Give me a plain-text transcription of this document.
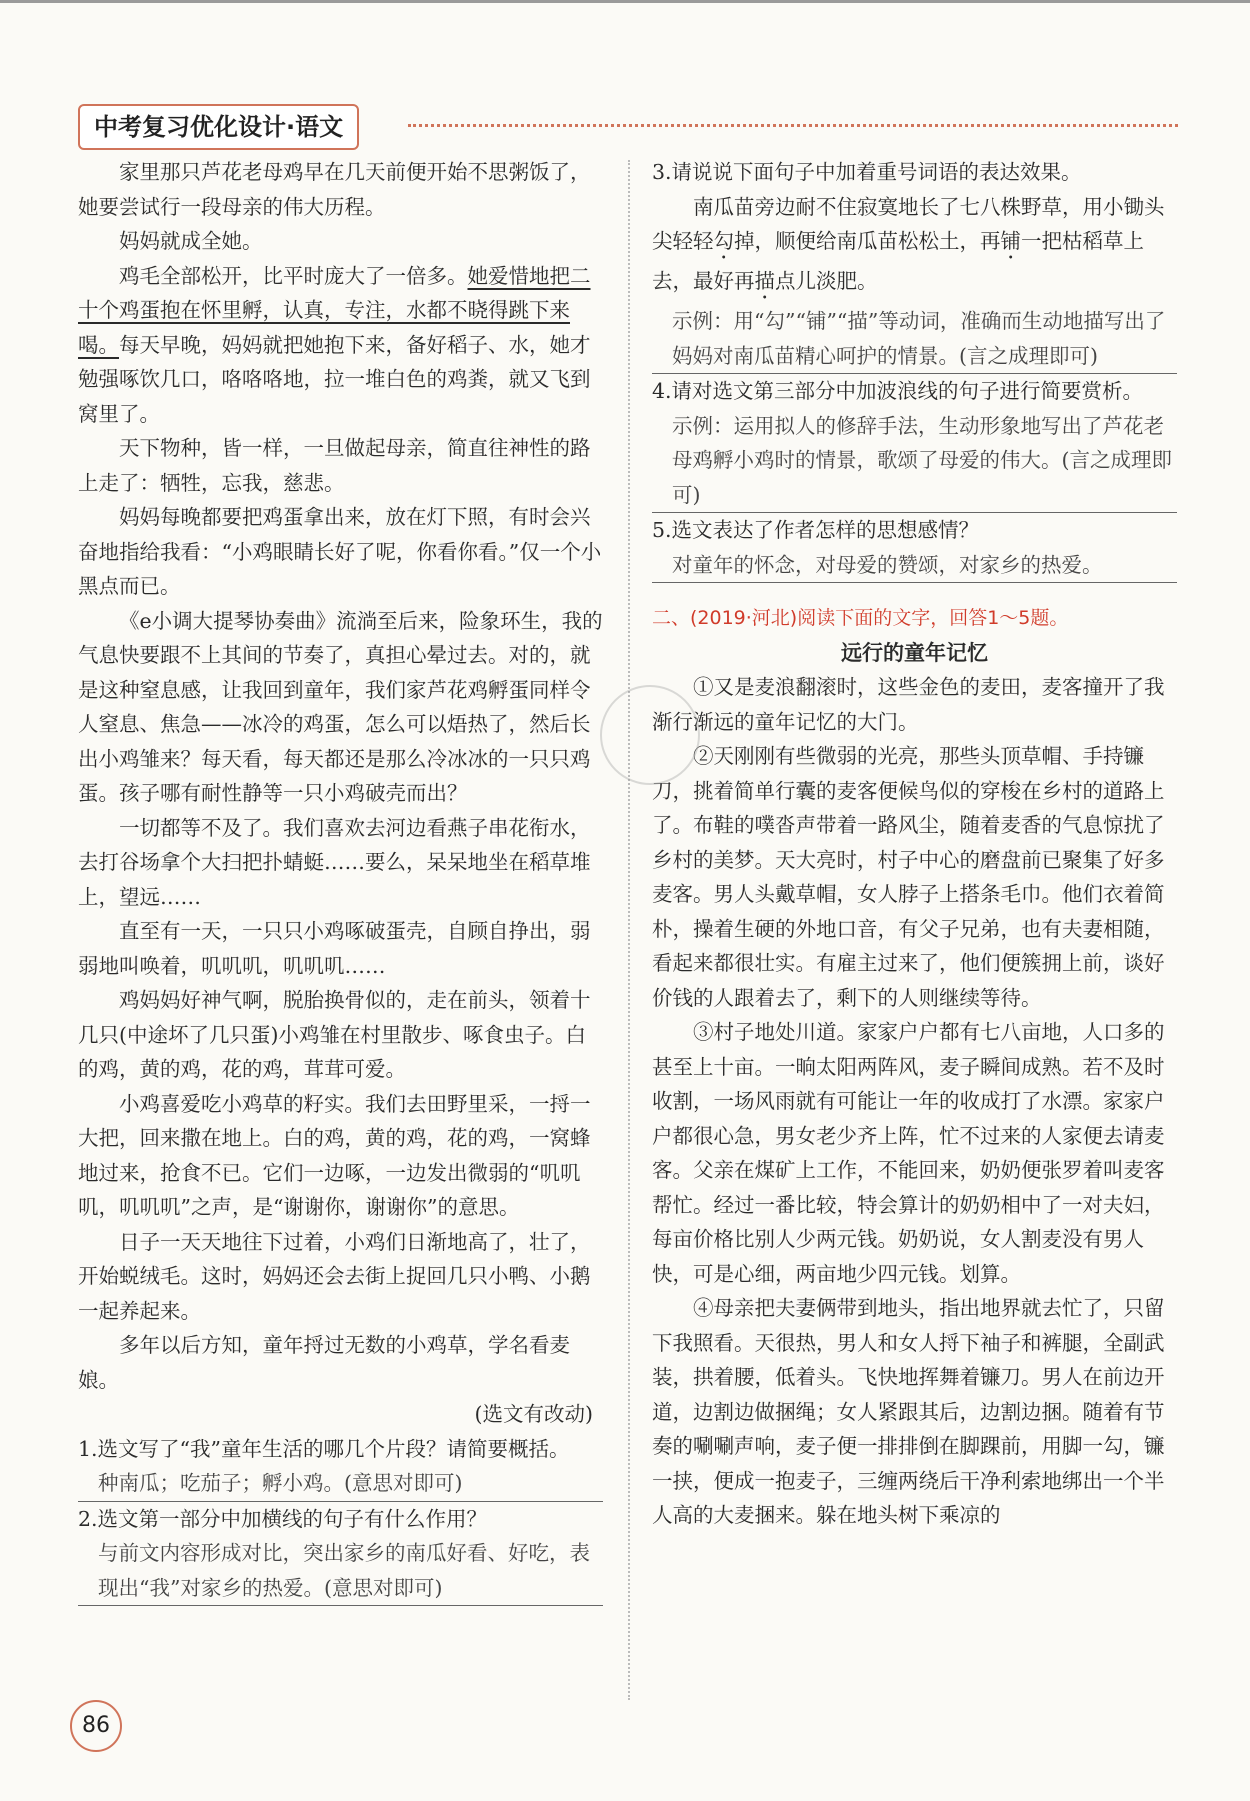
中考复习优化设计·语文

家里那只芦花老母鸡早在几天前便开始不思粥饭了，她要尝试行一段母亲的伟大历程。

妈妈就成全她。

鸡毛全部松开，比平时庞大了一倍多。她爱惜地把二十个鸡蛋抱在怀里孵，认真，专注，水都不晓得跳下来喝。每天早晚，妈妈就把她抱下来，备好稻子、水，她才勉强啄饮几口，咯咯咯地，拉一堆白色的鸡粪，就又飞到窝里了。

天下物种，皆一样，一旦做起母亲，简直往神性的路上走了：牺牲，忘我，慈悲。

妈妈每晚都要把鸡蛋拿出来，放在灯下照，有时会兴奋地指给我看：“小鸡眼睛长好了呢，你看你看。”仅一个小黑点而已。

《e小调大提琴协奏曲》流淌至后来，险象环生，我的气息快要跟不上其间的节奏了，真担心晕过去。对的，就是这种窒息感，让我回到童年，我们家芦花鸡孵蛋同样令人窒息、焦急——冰冷的鸡蛋，怎么可以焐热了，然后长出小鸡雏来？每天看，每天都还是那么冷冰冰的一只只鸡蛋。孩子哪有耐性静等一只小鸡破壳而出？

一切都等不及了。我们喜欢去河边看燕子串花衔水，去打谷场拿个大扫把扑蜻蜓……要么，呆呆地坐在稻草堆上，望远……

直至有一天，一只只小鸡啄破蛋壳，自顾自挣出，弱弱地叫唤着，叽叽叽，叽叽叽……

鸡妈妈好神气啊，脱胎换骨似的，走在前头，领着十几只(中途坏了几只蛋)小鸡雏在村里散步、啄食虫子。白的鸡，黄的鸡，花的鸡，茸茸可爱。

小鸡喜爱吃小鸡草的籽实。我们去田野里采，一捋一大把，回来撒在地上。白的鸡，黄的鸡，花的鸡，一窝蜂地过来，抢食不已。它们一边啄，一边发出微弱的“叽叽叽，叽叽叽”之声，是“谢谢你，谢谢你”的意思。

日子一天天地往下过着，小鸡们日渐地高了，壮了，开始蜕绒毛。这时，妈妈还会去街上捉回几只小鸭、小鹅一起养起来。

多年以后方知，童年捋过无数的小鸡草，学名看麦娘。

(选文有改动)

1.选文写了“我”童年生活的哪几个片段？请简要概括。

种南瓜；吃茄子；孵小鸡。(意思对即可)

2.选文第一部分中加横线的句子有什么作用？

与前文内容形成对比，突出家乡的南瓜好看、好吃，表现出“我”对家乡的热爱。(意思对即可)

3.请说说下面句子中加着重号词语的表达效果。

南瓜苗旁边耐不住寂寞地长了七八株野草，用小锄头尖轻轻勾掉，顺便给南瓜苗松松土，再铺一把枯稻草上去，最好再描点儿淡肥。

示例：用“勾”“铺”“描”等动词，准确而生动地描写出了妈妈对南瓜苗精心呵护的情景。(言之成理即可)

4.请对选文第三部分中加波浪线的句子进行简要赏析。

示例：运用拟人的修辞手法，生动形象地写出了芦花老母鸡孵小鸡时的情景，歌颂了母爱的伟大。(言之成理即可)

5.选文表达了作者怎样的思想感情？

对童年的怀念，对母爱的赞颂，对家乡的热爱。

二、(2019·河北)阅读下面的文字，回答1～5题。

远行的童年记忆

①又是麦浪翻滚时，这些金色的麦田，麦客撞开了我渐行渐远的童年记忆的大门。

②天刚刚有些微弱的光亮，那些头顶草帽、手持镰刀，挑着简单行囊的麦客便候鸟似的穿梭在乡村的道路上了。布鞋的噗沓声带着一路风尘，随着麦香的气息惊扰了乡村的美梦。天大亮时，村子中心的磨盘前已聚集了好多麦客。男人头戴草帽，女人脖子上搭条毛巾。他们衣着简朴，操着生硬的外地口音，有父子兄弟，也有夫妻相随，看起来都很壮实。有雇主过来了，他们便簇拥上前，谈好价钱的人跟着去了，剩下的人则继续等待。

③村子地处川道。家家户户都有七八亩地，人口多的甚至上十亩。一晌太阳两阵风，麦子瞬间成熟。若不及时收割，一场风雨就有可能让一年的收成打了水漂。家家户户都很心急，男女老少齐上阵，忙不过来的人家便去请麦客。父亲在煤矿上工作，不能回来，奶奶便张罗着叫麦客帮忙。经过一番比较，特会算计的奶奶相中了一对夫妇，每亩价格比别人少两元钱。奶奶说，女人割麦没有男人快，可是心细，两亩地少四元钱。划算。

④母亲把夫妻俩带到地头，指出地界就去忙了，只留下我照看。天很热，男人和女人捋下袖子和裤腿，全副武装，拱着腰，低着头。飞快地挥舞着镰刀。男人在前边开道，边割边做捆绳；女人紧跟其后，边割边捆。随着有节奏的唰唰声响，麦子便一排排倒在脚踝前，用脚一勾，镰一挟，便成一抱麦子，三缠两绕后干净利索地绑出一个半人高的大麦捆来。躲在地头树下乘凉的

86
